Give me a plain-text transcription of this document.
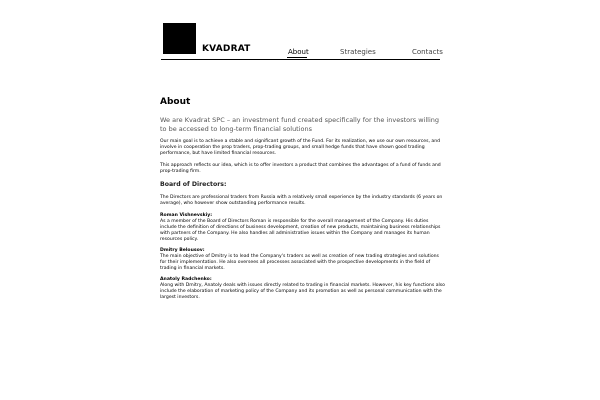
KVADRAT	About	Strategies	Contacts
About

We are Kvadrat SPC – an investment fund created specifically for the investors willing to be accessed to long-term financial solutions

Our main goal is to achieve a stable and significant growth of the Fund. For its realization, we use our own resources, and involve in cooperation the prop traders, prop-trading groups, and small hedge funds that have shown good trading performance, but have limited financial resources.

This approach reflects our idea, which is to offer investors a product that combines the advantages of a fund of funds and prop-trading firm.

Board of Directors:

The Directors are professional traders from Russia with a relatively small experience by the industry standards (6 years on average), who however show outstanding performance results.

Roman Vishnevskiy:
As a member of the Board of Directors Roman is responsible for the overall management of the Company. His duties include the definition of directions of business development, creation of new products, maintaining business relationships with partners of the Company. He also handles all administrative issues within the Company and manages its human resources policy.
Dmitry Belousov:
The main objective of Dmitry is to lead the Company's traders as well as creation of new trading strategies and solutions for their implementation. He also oversees all processes associated with the prospective developments in the field of trading in financial markets.
Anatoly Radchenko:
Along with Dmitry, Anatoly deals with issues directly related to trading in financial markets. However, his key functions also include the elaboration of marketing policy of the Company and its promotion as well as personal communication with the largest investors.
